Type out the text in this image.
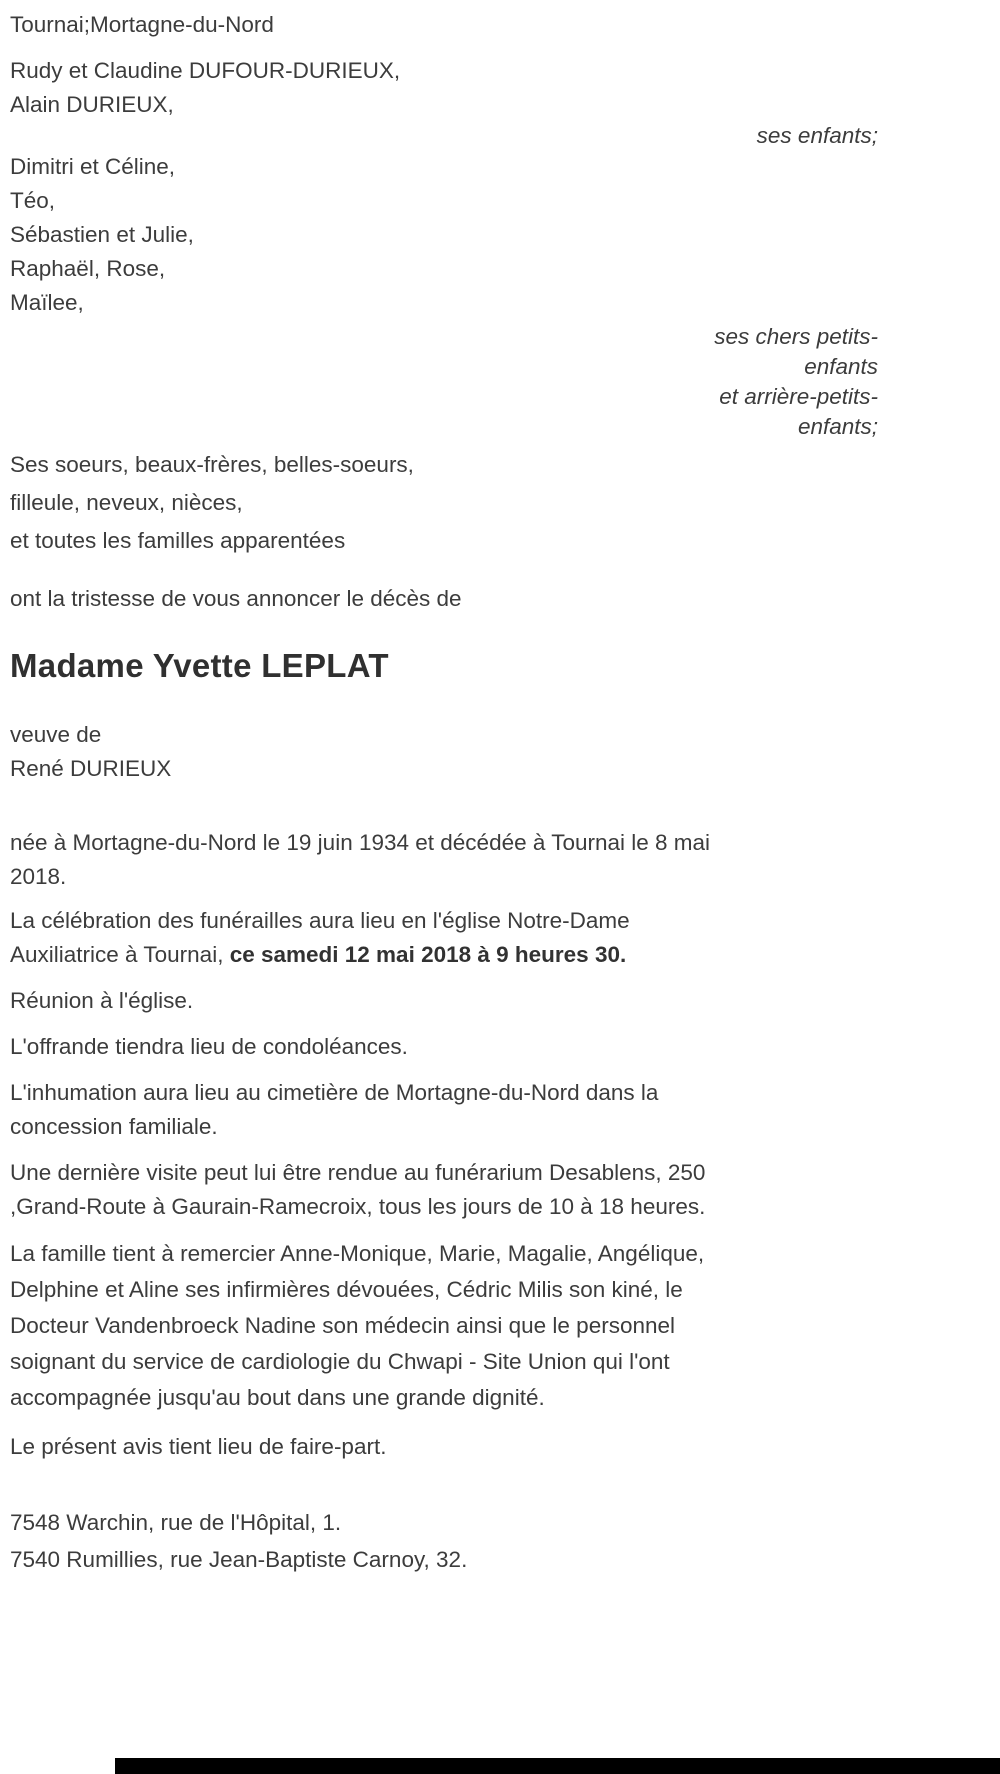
Tournai;Mortagne-du-Nord
Rudy et Claudine DUFOUR-DURIEUX,
Alain DURIEUX,
ses enfants;
Dimitri et Céline,
Téo,
Sébastien et Julie,
Raphaël, Rose,
Maïlee,
ses chers petits-
enfants
et arrière-petits-
enfants;
Ses soeurs, beaux-frères, belles-soeurs,
filleule, neveux, nièces,
et toutes les familles apparentées
ont la tristesse de vous annoncer le décès de
Madame Yvette LEPLAT
veuve de
René DURIEUX
née à Mortagne-du-Nord le 19 juin 1934 et décédée à Tournai le 8 mai
2018.
La célébration des funérailles aura lieu en l'église Notre-Dame
Auxiliatrice à Tournai, ce samedi 12 mai 2018 à 9 heures 30.
Réunion à l'église.
L'offrande tiendra lieu de condoléances.
L'inhumation aura lieu au cimetière de Mortagne-du-Nord dans la
concession familiale.
Une dernière visite peut lui être rendue au funérarium Desablens, 250
,Grand-Route à Gaurain-Ramecroix, tous les jours de 10 à 18 heures.
La famille tient à remercier Anne-Monique, Marie, Magalie, Angélique,
Delphine et Aline ses infirmières dévouées, Cédric Milis son kiné, le
Docteur Vandenbroeck Nadine son médecin ainsi que le personnel
soignant du service de cardiologie du Chwapi - Site Union qui l'ont
accompagnée jusqu'au bout dans une grande dignité.
Le présent avis tient lieu de faire-part.
7548 Warchin, rue de l'Hôpital, 1.
7540 Rumillies, rue Jean-Baptiste Carnoy, 32.
